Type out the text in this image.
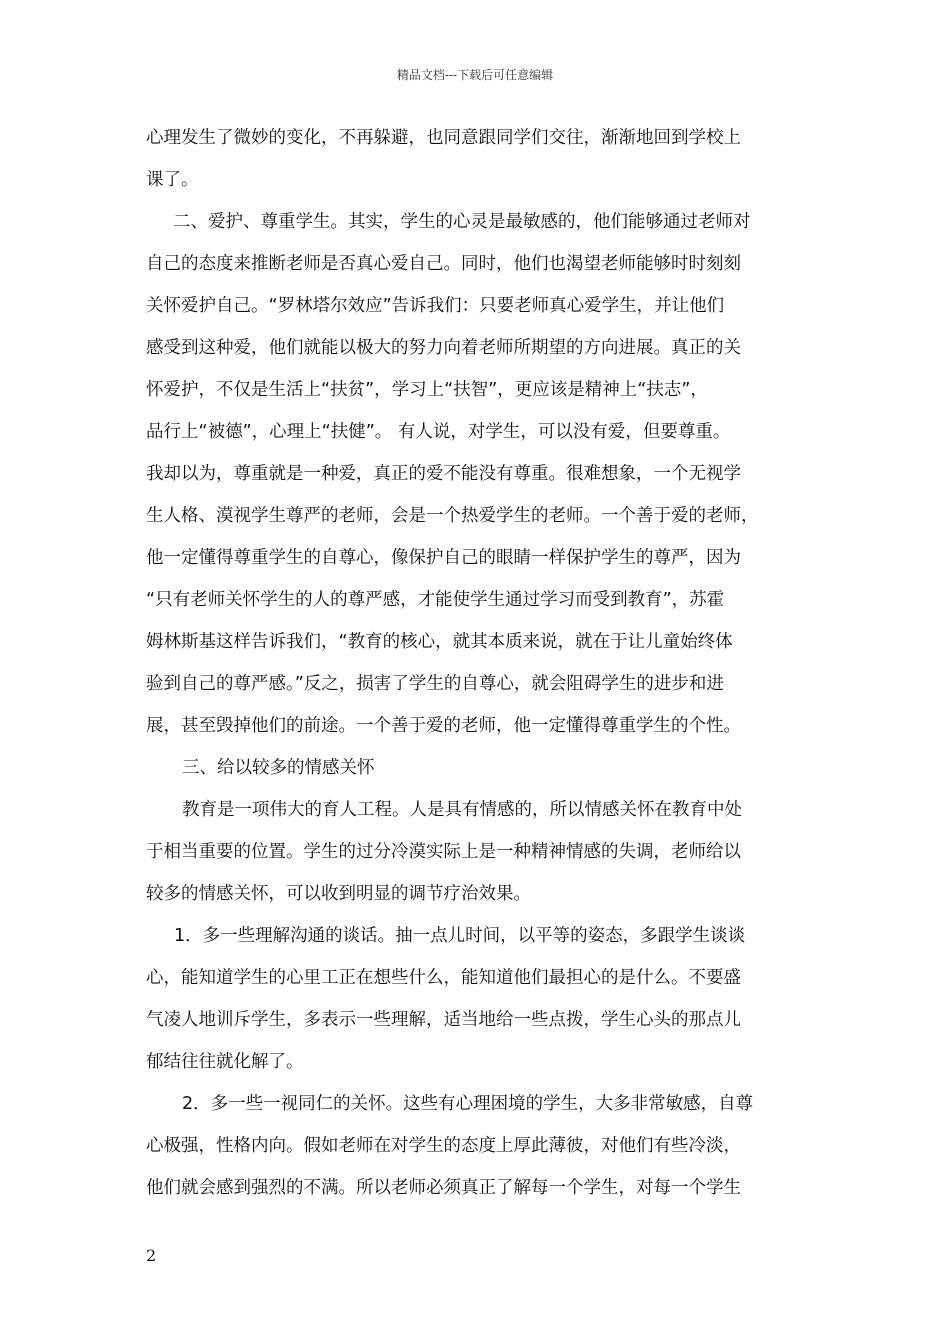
精品文档---下载后可任意编辑
心理发生了微妙的变化，不再躲避，也同意跟同学们交往，渐渐地回到学校上
课了。
二、爱护、尊重学生。其实，学生的心灵是最敏感的，他们能够通过老师对
自己的态度来推断老师是否真心爱自己。同时，他们也渴望老师能够时时刻刻
关怀爱护自己。“罗林塔尔效应”告诉我们：只要老师真心爱学生，并让他们
感受到这种爱，他们就能以极大的努力向着老师所期望的方向进展。真正的关
怀爱护，不仅是生活上“扶贫”，学习上“扶智”，更应该是精神上“扶志”，
品行上“被德”，心理上“扶健”。 有人说，对学生，可以没有爱，但要尊重。
我却以为，尊重就是一种爱，真正的爱不能没有尊重。很难想象，一个无视学
生人格、漠视学生尊严的老师，会是一个热爱学生的老师。一个善于爱的老师，
他一定懂得尊重学生的自尊心，像保护自己的眼睛一样保护学生的尊严，因为
“只有老师关怀学生的人的尊严感，才能使学生通过学习而受到教育”，苏霍
姆林斯基这样告诉我们，“教育的核心，就其本质来说，就在于让儿童始终体
验到自己的尊严感。”反之，损害了学生的自尊心，就会阻碍学生的进步和进
展，甚至毁掉他们的前途。一个善于爱的老师，他一定懂得尊重学生的个性。
三、给以较多的情感关怀
教育是一项伟大的育人工程。人是具有情感的，所以情感关怀在教育中处
于相当重要的位置。学生的过分冷漠实际上是一种精神情感的失调，老师给以
较多的情感关怀，可以收到明显的调节疗治效果。
1．多一些理解沟通的谈话。抽一点儿时间，以平等的姿态，多跟学生谈谈
心，能知道学生的心里工正在想些什么，能知道他们最担心的是什么。不要盛
气凌人地训斥学生，多表示一些理解，适当地给一些点拨，学生心头的那点儿
郁结往往就化解了。
2．多一些一视同仁的关怀。这些有心理困境的学生，大多非常敏感，自尊
心极强，性格内向。假如老师在对学生的态度上厚此薄彼，对他们有些冷淡，
他们就会感到强烈的不满。所以老师必须真正了解每一个学生，对每一个学生
2
